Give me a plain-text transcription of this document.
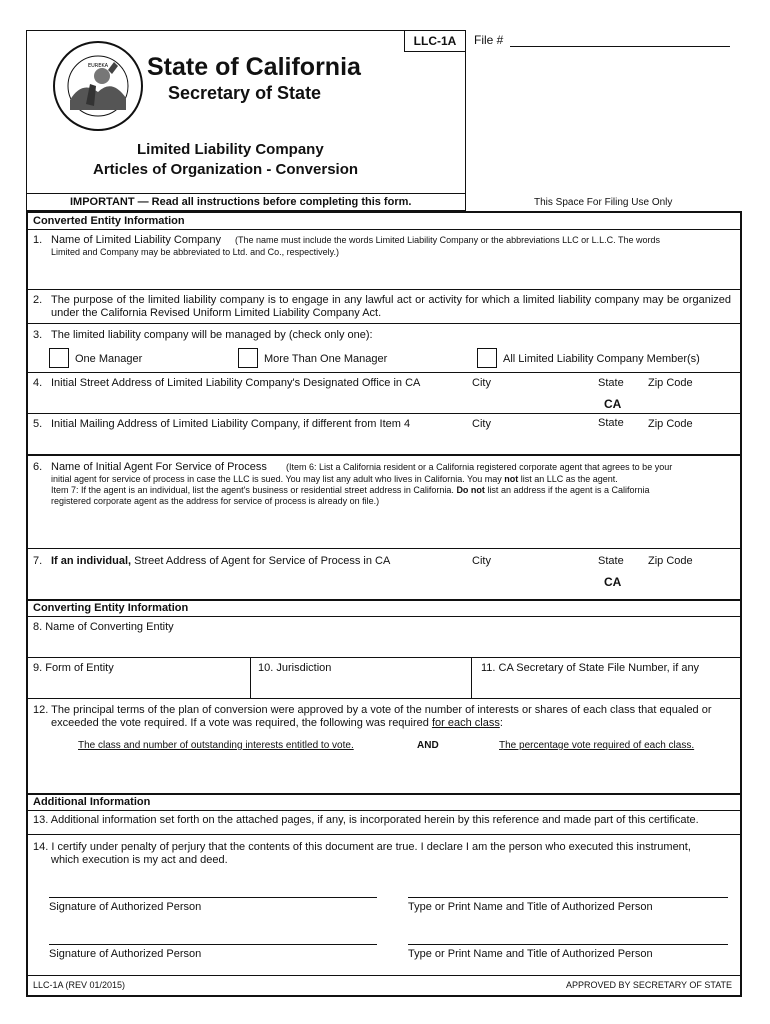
LLC-1A File #
EUREKA State of California
Secretary of State
Limited Liability Company
Articles of Organization - Conversion
IMPORTANT — Read all instructions before completing this form.	This Space For Filing Use Only
Converted Entity Information
1. Name of Limited Liability Company (The name must include the words Limited Liability Company or the abbreviations LLC or L.L.C. The words
Limited and Company may be abbreviated to Ltd. and Co., respectively.)
2. The purpose of the limited liability company is to engage in any lawful act or activity for which a limited liability company may be organized under the California Revised Uniform Limited Liability Company Act.
3. The limited liability company will be managed by (check only one):
One Manager	More Than One Manager	All Limited Liability Company Member(s)
4. Initial Street Address of Limited Liability Company's Designated Office in CA	City	State Zip Code
CA
5. Initial Mailing Address of Limited Liability Company, if different from Item 4	City	State Zip Code
6. Name of Initial Agent For Service of Process (Item 6: List a California resident or a California registered corporate agent that agrees to be your
initial agent for service of process in case the LLC is sued. You may list any adult who lives in California. You may not list an LLC as the agent.
Item 7: If the agent is an individual, list the agent's business or residential street address in California. Do not list an address if the agent is a California
registered corporate agent as the address for service of process is already on file.)
7. If an individual, Street Address of Agent for Service of Process in CA	City	State Zip Code
CA
Converting Entity Information
8. Name of Converting Entity
9. Form of Entity	10. Jurisdiction	11. CA Secretary of State File Number, if any
12. The principal terms of the plan of conversion were approved by a vote of the number of interests or shares of each class that equaled or
exceeded the vote required. If a vote was required, the following was required for each class:
The class and number of outstanding interests entitled to vote.	AND	The percentage vote required of each class.
Additional Information
13. Additional information set forth on the attached pages, if any, is incorporated herein by this reference and made part of this certificate.
14. I certify under penalty of perjury that the contents of this document are true. I declare I am the person who executed this instrument,
which execution is my act and deed.
Signature of Authorized Person	Type or Print Name and Title of Authorized Person
Signature of Authorized Person	Type or Print Name and Title of Authorized Person
LLC-1A (REV 01/2015)	APPROVED BY SECRETARY OF STATE
